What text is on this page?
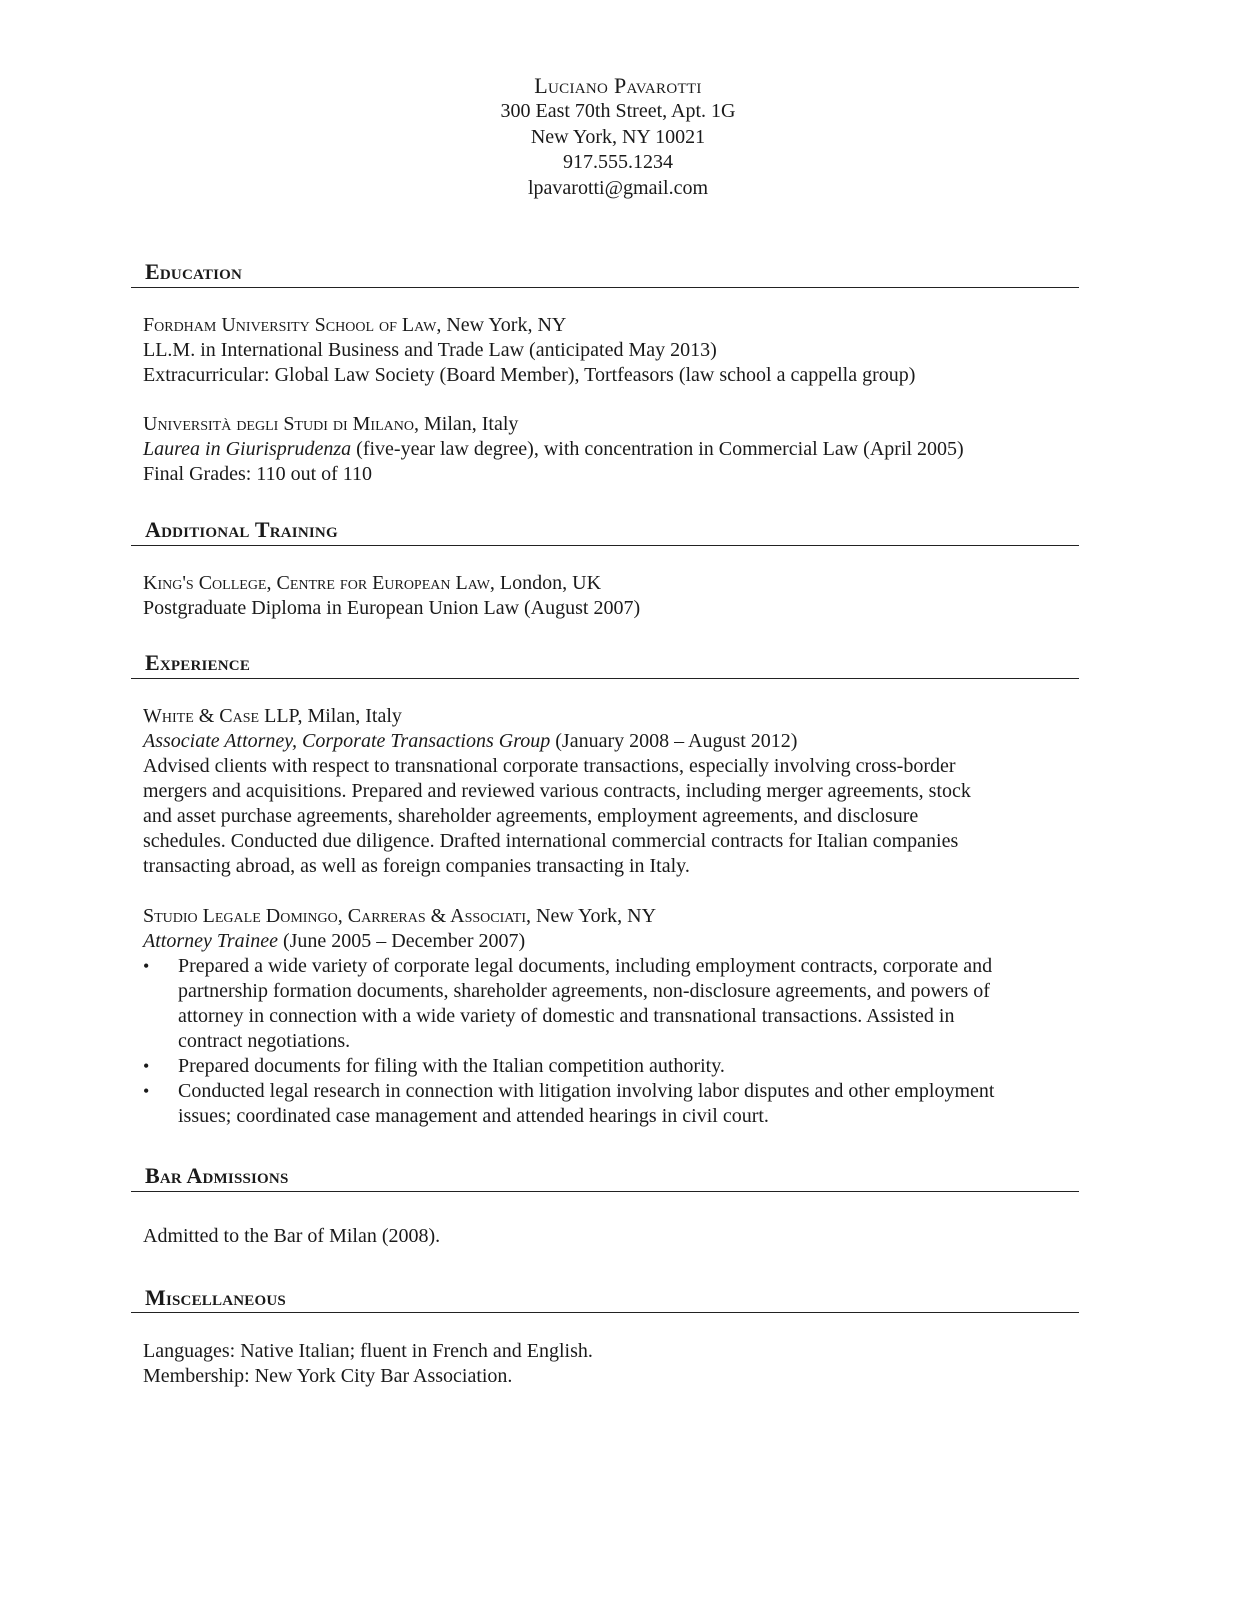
Luciano Pavarotti
300 East 70th Street, Apt. 1G
New York, NY 10021
917.555.1234
lpavarotti@gmail.com
Education
Fordham University School of Law, New York, NY
LL.M. in International Business and Trade Law (anticipated May 2013)
Extracurricular: Global Law Society (Board Member), Tortfeasors (law school a cappella group)
Università degli Studi di Milano, Milan, Italy
Laurea in Giurisprudenza (five-year law degree), with concentration in Commercial Law (April 2005)
Final Grades: 110 out of 110
Additional Training
King's College, Centre for European Law, London, UK
Postgraduate Diploma in European Union Law (August 2007)
Experience
White & Case LLP, Milan, Italy
Associate Attorney, Corporate Transactions Group (January 2008 – August 2012)
Advised clients with respect to transnational corporate transactions, especially involving cross-border
mergers and acquisitions. Prepared and reviewed various contracts, including merger agreements, stock
and asset purchase agreements, shareholder agreements, employment agreements, and disclosure
schedules. Conducted due diligence. Drafted international commercial contracts for Italian companies
transacting abroad, as well as foreign companies transacting in Italy.
Studio Legale Domingo, Carreras & Associati, New York, NY
Attorney Trainee (June 2005 – December 2007)
• Prepared a wide variety of corporate legal documents, including employment contracts, corporate and
partnership formation documents, shareholder agreements, non-disclosure agreements, and powers of
attorney in connection with a wide variety of domestic and transnational transactions. Assisted in
contract negotiations.
• Prepared documents for filing with the Italian competition authority.
• Conducted legal research in connection with litigation involving labor disputes and other employment
issues; coordinated case management and attended hearings in civil court.
Bar Admissions
Admitted to the Bar of Milan (2008).
Miscellaneous
Languages: Native Italian; fluent in French and English.
Membership: New York City Bar Association.
